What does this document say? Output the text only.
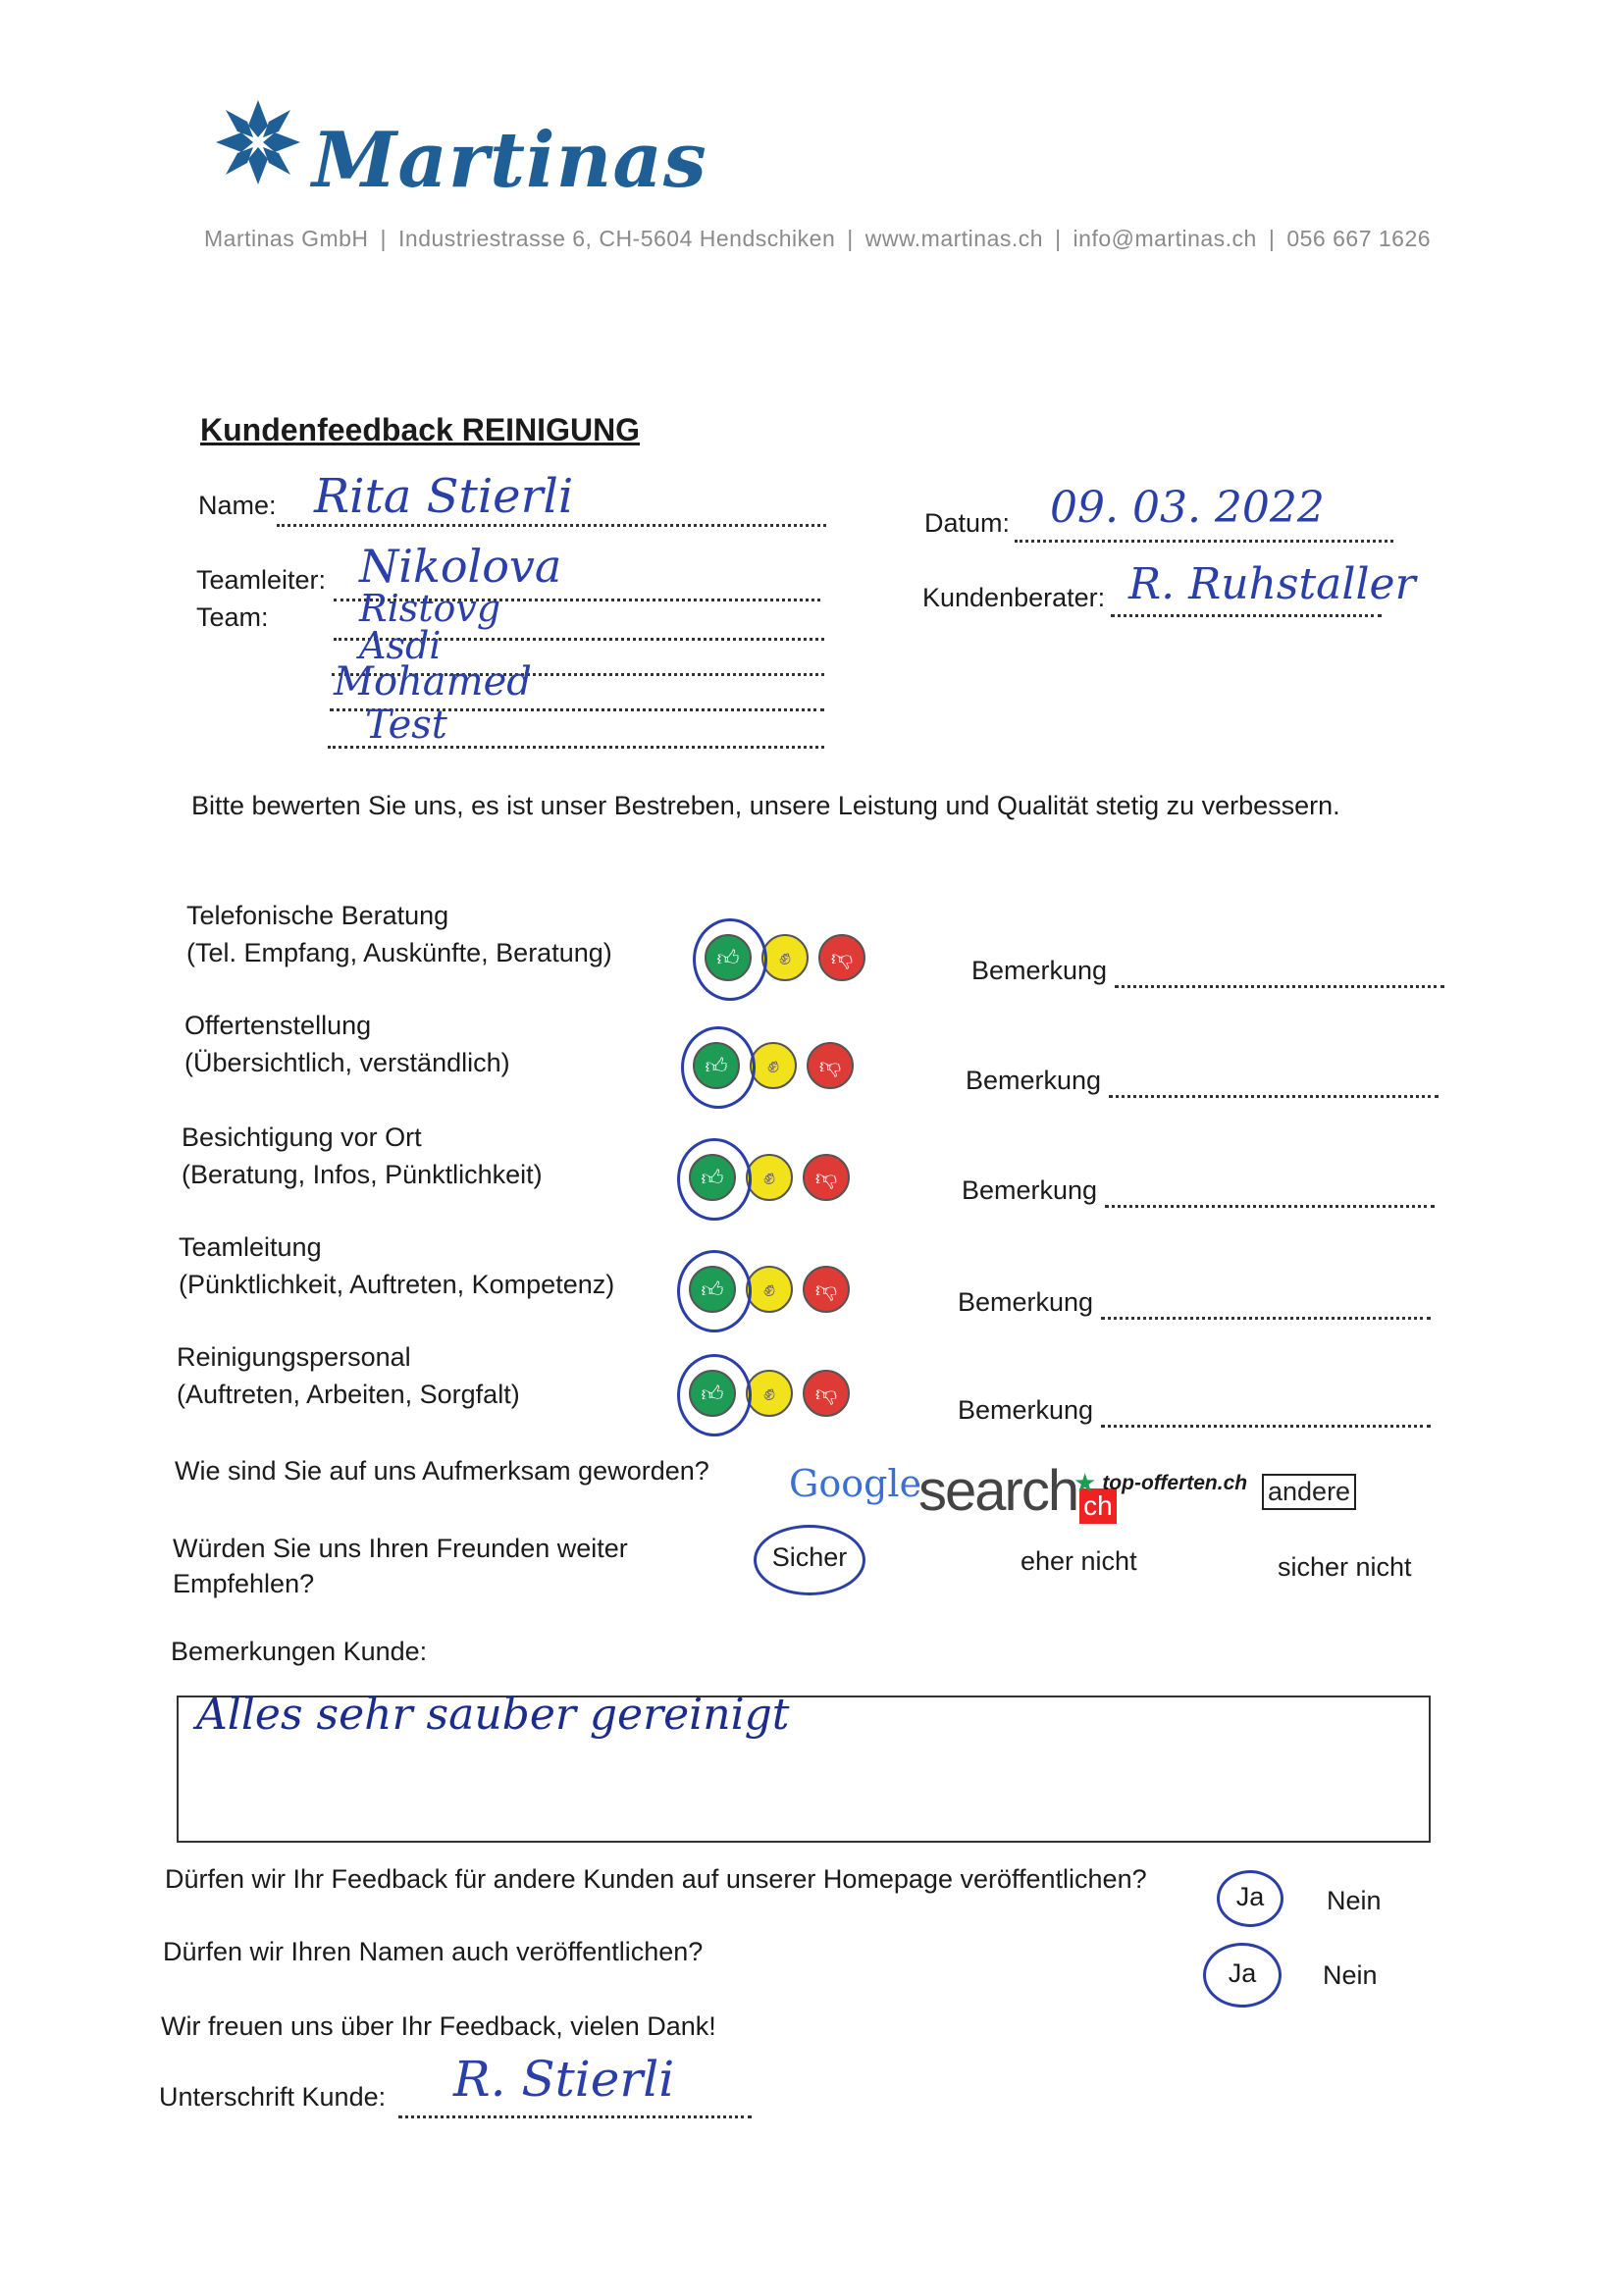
Martinas
Martinas GmbH | Industriestrasse 6, CH-5604 Hendschiken | www.martinas.ch | info@martinas.ch | 056 667 1626
Kundenfeedback REINIGUNG
Name: Rita Stierli	Datum: 09. 03. 2022
Teamleiter: Nikolova
Kundenberater: R. Ruhstaller
Team: Ristovg
Asdi
Mohamed
Test
Bitte bewerten Sie uns, es ist unser Bestreben, unsere Leistung und Qualität stetig zu verbessern.
Telefonische Beratung
(Tel. Empfang, Auskünfte, Beratung)	👍︎	✊︎	👎︎	Bemerkung
Offertenstellung
(Übersichtlich, verständlich)	👍︎	✊︎	👎︎	Bemerkung
Besichtigung vor Ort
(Beratung, Infos, Pünktlichkeit)	👍︎	✊︎	👎︎	Bemerkung
Teamleitung
(Pünktlichkeit, Auftreten, Kompetenz)	👍︎	✊︎	👎︎	Bemerkung
Reinigungspersonal
(Auftreten, Arbeiten, Sorgfalt)	👍︎	✊︎	👎︎
Bemerkung
Wie sind Sie auf uns Aufmerksam geworden? Google
search ch
★ top-offerten.ch andere
Würden Sie uns Ihren Freunden weiter Empfehlen?
Sicher	eher nicht	sicher nicht
Bemerkungen Kunde:
Alles sehr sauber gereinigt
Dürfen wir Ihr Feedback für andere Kunden auf unserer Homepage veröffentlichen?
Ja	Nein
Dürfen wir Ihren Namen auch veröffentlichen?
Ja	Nein
Wir freuen uns über Ihr Feedback, vielen Dank!
Unterschrift Kunde: R. Stierli
